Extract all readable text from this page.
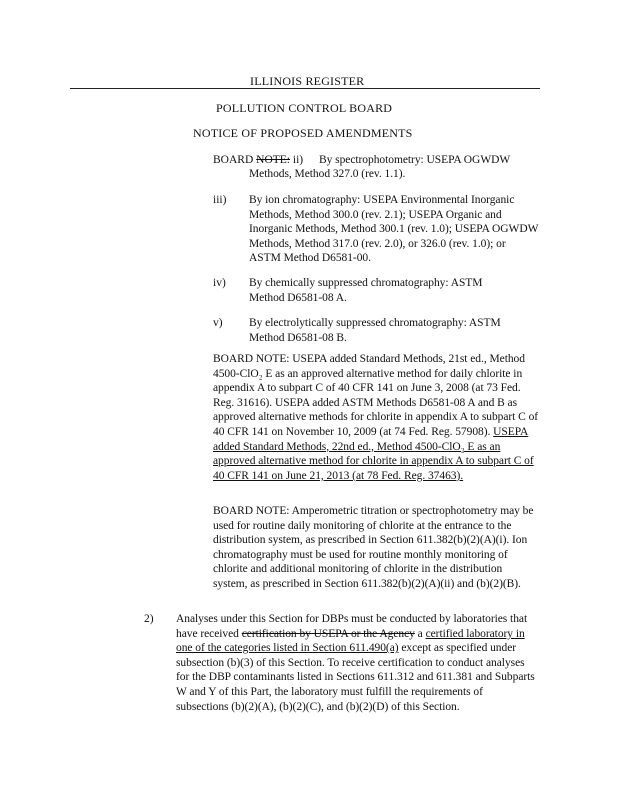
ILLINOIS REGISTER
POLLUTION CONTROL BOARD
NOTICE OF PROPOSED AMENDMENTS
BOARD NOTE: ii) By spectrophotometry: USEPA OGWDW
Methods, Method 327.0 (rev. 1.1).
iii) By ion chromatography: USEPA Environmental Inorganic Methods, Method 300.0 (rev. 2.1); USEPA Organic and Inorganic Methods, Method 300.1 (rev. 1.0); USEPA OGWDW Methods, Method 317.0 (rev. 2.0), or 326.0 (rev. 1.0); or ASTM Method D6581-00.
iv) By chemically suppressed chromatography: ASTM Method D6581-08 A.
v) By electrolytically suppressed chromatography: ASTM Method D6581-08 B.
BOARD NOTE: USEPA added Standard Methods, 21st ed., Method 4500-ClO₂ E as an approved alternative method for daily chlorite in appendix A to subpart C of 40 CFR 141 on June 3, 2008 (at 73 Fed. Reg. 31616). USEPA added ASTM Methods D6581-08 A and B as approved alternative methods for chlorite in appendix A to subpart C of 40 CFR 141 on November 10, 2009 (at 74 Fed. Reg. 57908). USEPA added Standard Methods, 22nd ed., Method 4500-ClO₂ E as an approved alternative method for chlorite in appendix A to subpart C of 40 CFR 141 on June 21, 2013 (at 78 Fed. Reg. 37463).
BOARD NOTE: Amperometric titration or spectrophotometry may be used for routine daily monitoring of chlorite at the entrance to the distribution system, as prescribed in Section 611.382(b)(2)(A)(i). Ion chromatography must be used for routine monthly monitoring of chlorite and additional monitoring of chlorite in the distribution system, as prescribed in Section 611.382(b)(2)(A)(ii) and (b)(2)(B).
2) Analyses under this Section for DBPs must be conducted by laboratories that have received certification by USEPA or the Agency a certified laboratory in one of the categories listed in Section 611.490(a) except as specified under subsection (b)(3) of this Section. To receive certification to conduct analyses for the DBP contaminants listed in Sections 611.312 and 611.381 and Subparts W and Y of this Part, the laboratory must fulfill the requirements of subsections (b)(2)(A), (b)(2)(C), and (b)(2)(D) of this Section.
